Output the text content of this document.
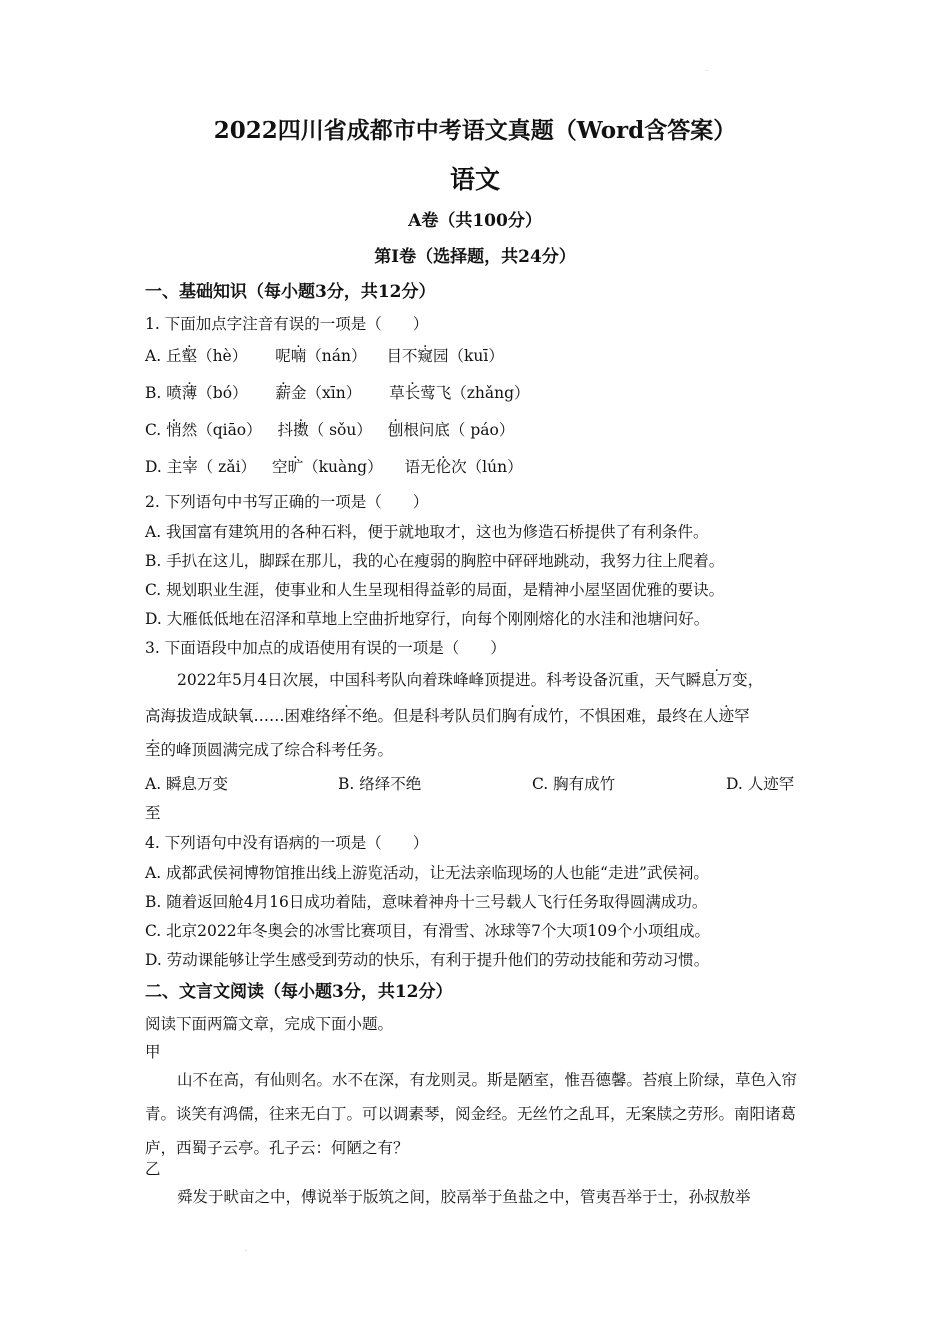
·
2022四川省成都市中考语文真题（Word含答案）
语文
A卷（共100分）
第Ⅰ卷（选择题，共24分）
一、基础知识（每小题3分，共12分）
1. 下面加点字注音有误的一项是（　　）
A. 丘壑（hè） 呢喃（nán） 目不窥园（kuī）
B. 喷薄（bó） 薪金（xīn） 草长莺飞（zhǎng）
C. 悄然（qiāo） 抖擞（ sǒu） 刨根问底（ páo）
D. 主宰（ zǎi） 空旷（kuàng） 语无伦次（lún）
2. 下列语句中书写正确的一项是（　　）
A. 我国富有建筑用的各种石料，便于就地取才，这也为修造石桥提供了有利条件。
B. 手扒在这儿，脚踩在那儿，我的心在瘦弱的胸腔中砰砰地跳动，我努力往上爬着。
C. 规划职业生涯，使事业和人生呈现相得益彰的局面，是精神小屋坚固优雅的要诀。
D. 大雁低低地在沼泽和草地上空曲折地穿行，向每个刚刚熔化的水洼和池塘问好。
3. 下面语段中加点的成语使用有误的一项是（　　）
2022年5月4日次展，中国科考队向着珠峰峰顶提进。科考设备沉重，天气瞬息万变，
高海拔造成缺氧……困难络绎不绝。但是科考队员们胸有成竹，不惧困难，最终在人迹罕
至的峰顶圆满完成了综合科考任务。
A. 瞬息万变	B. 络绎不绝	C. 胸有成竹	D. 人迹罕
至
4. 下列语句中没有语病的一项是（　　）
A. 成都武侯祠博物馆推出线上游览活动，让无法亲临现场的人也能“走进”武侯祠。
B. 随着返回舱4月16日成功着陆，意味着神舟十三号载人飞行任务取得圆满成功。
C. 北京2022年冬奥会的冰雪比赛项目，有滑雪、冰球等7个大项109个小项组成。
D. 劳动课能够让学生感受到劳动的快乐，有利于提升他们的劳动技能和劳动习惯。
二、文言文阅读（每小题3分，共12分）
阅读下面两篇文章，完成下面小题。
甲
山不在高，有仙则名。水不在深，有龙则灵。斯是陋室，惟吾德馨。苔痕上阶绿，草色入帘青。谈笑有鸿儒，往来无白丁。可以调素琴，阅金经。无丝竹之乱耳，无案牍之劳形。南阳诸葛庐，西蜀子云亭。孔子云：何陋之有？
乙
舜发于畎亩之中，傅说举于版筑之间，胶鬲举于鱼盐之中，管夷吾举于士，孙叔敖举
·
